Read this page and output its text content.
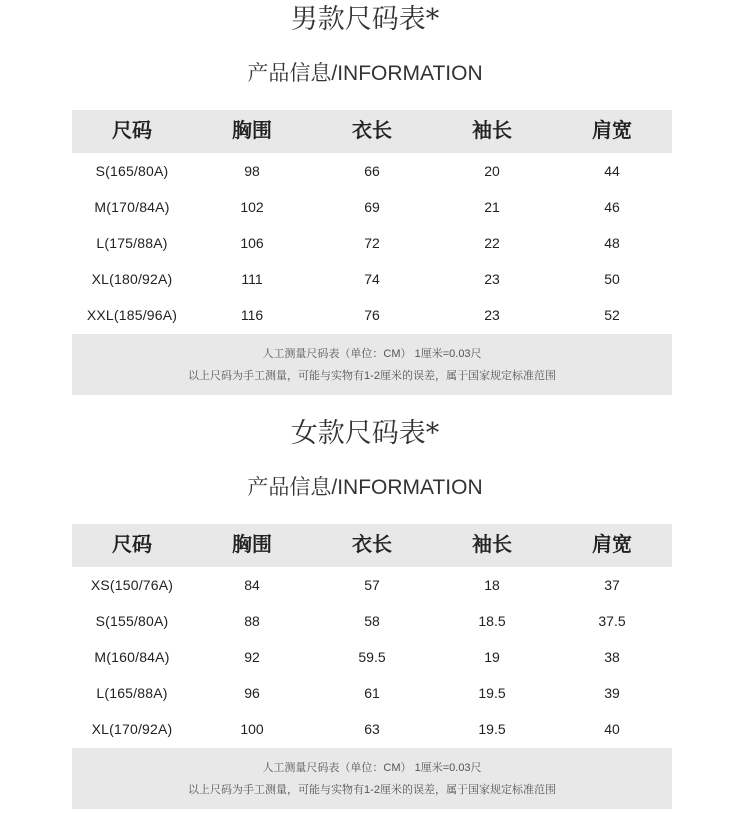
男款尺码表*
产品信息/INFORMATION
尺码	胸围	衣长	袖长	肩宽
S(165/80A)	98	66	20	44
M(170/84A)	102	69	21	46
L(175/88A)	106	72	22	48
XL(180/92A)	111	74	23	50
XXL(185/96A)	116	76	23	52
人工测量尺码表（单位：CM） 1厘米=0.03尺
以上尺码为手工测量，可能与实物有1-2厘米的误差，属于国家规定标准范围
女款尺码表*
产品信息/INFORMATION
尺码	胸围	衣长	袖长	肩宽
XS(150/76A)	84	57	18	37
S(155/80A)	88	58	18.5	37.5
M(160/84A)	92	59.5	19	38
L(165/88A)	96	61	19.5	39
XL(170/92A)	100	63	19.5	40
人工测量尺码表（单位：CM） 1厘米=0.03尺
以上尺码为手工测量，可能与实物有1-2厘米的误差，属于国家规定标准范围
